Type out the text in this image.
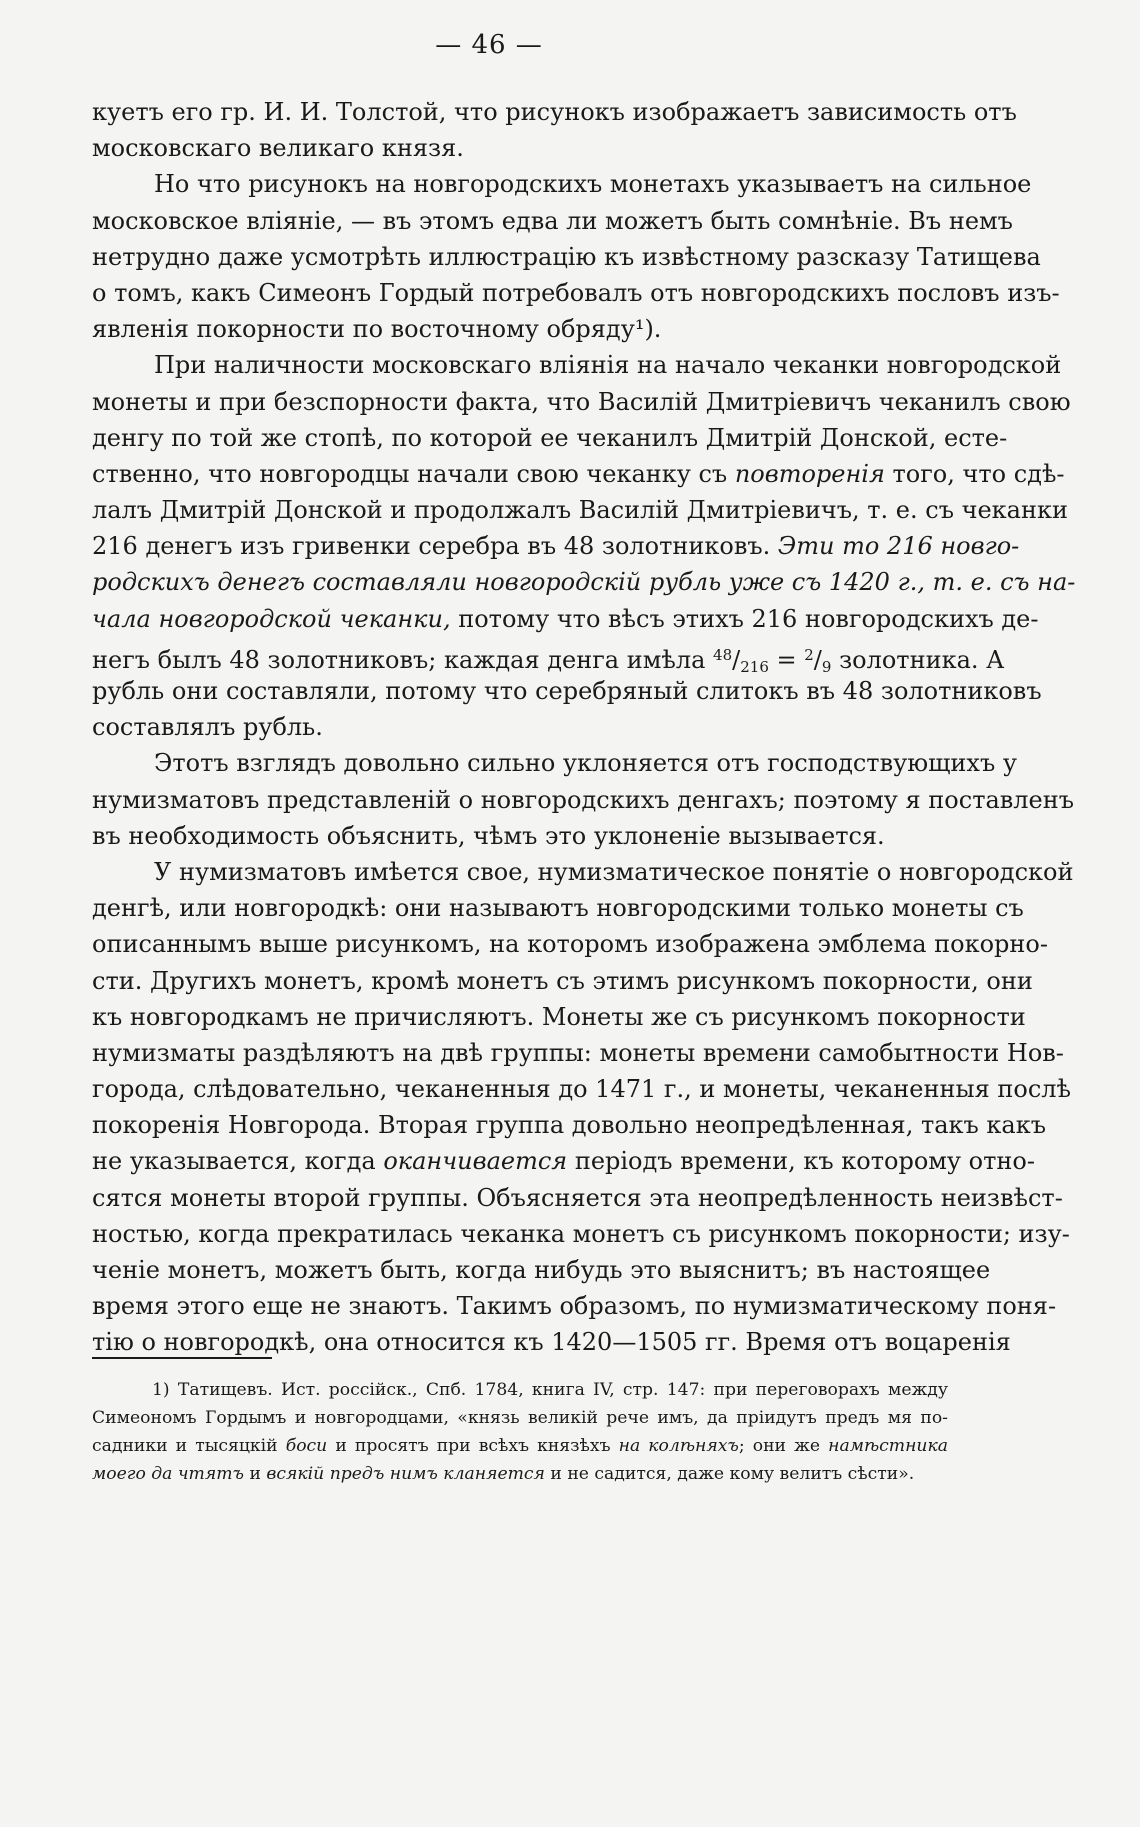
— 46 —
куетъ его гр. И. И. Толстой, что рисунокъ изображаетъ зависимость отъ
московскаго великаго князя.
Но что рисунокъ на новгородскихъ монетахъ указываетъ на сильное
московское вліяніе, — въ этомъ едва ли можетъ быть сомнѣніе. Въ немъ
нетрудно даже усмотрѣть иллюстрацію къ извѣстному разсказу Татищева
о томъ, какъ Симеонъ Гордый потребовалъ отъ новгородскихъ пословъ изъ-
явленія покорности по восточному обряду¹).
При наличности московскаго вліянія на начало чеканки новгородской
монеты и при безспорности факта, что Василій Дмитріевичъ чеканилъ свою
денгу по той же стопѣ, по которой ее чеканилъ Дмитрій Донской, есте-
ственно, что новгородцы начали свою чеканку съ повторенія того, что сдѣ-
лалъ Дмитрій Донской и продолжалъ Василій Дмитріевичъ, т. е. съ чеканки
216 денегъ изъ гривенки серебра въ 48 золотниковъ. Эти то 216 новго-
родскихъ денегъ составляли новгородскій рубль уже съ 1420 г., т. е. съ на-
чала новгородской чеканки, потому что вѣсъ этихъ 216 новгородскихъ де-
негъ былъ 48 золотниковъ; каждая денга имѣла $^{48}$/216 = $^2$/9 золотника. А
рубль они составляли, потому что серебряный слитокъ въ 48 золотниковъ
составлялъ рубль.
Этотъ взглядъ довольно сильно уклоняется отъ господствующихъ у
нумизматовъ представленій о новгородскихъ денгахъ; поэтому я поставленъ
въ необходимость объяснить, чѣмъ это уклоненіе вызывается.
У нумизматовъ имѣется свое, нумизматическое понятіе о новгородской
денгѣ, или новгородкѣ: они называютъ новгородскими только монеты съ
описаннымъ выше рисункомъ, на которомъ изображена эмблема покорно-
сти. Другихъ монетъ, кромѣ монетъ съ этимъ рисункомъ покорности, они
къ новгородкамъ не причисляютъ. Монеты же съ рисункомъ покорности
нумизматы раздѣляютъ на двѣ группы: монеты времени самобытности Нов-
города, слѣдовательно, чеканенныя до 1471 г., и монеты, чеканенныя послѣ
покоренія Новгорода. Вторая группа довольно неопредѣленная, такъ какъ
не указывается, когда оканчивается періодъ времени, къ которому отно-
сятся монеты второй группы. Объясняется эта неопредѣленность неизвѣст-
ностью, когда прекратилась чеканка монетъ съ рисункомъ покорности; изу-
ченіе монетъ, можетъ быть, когда нибудь это выяснитъ; въ настоящее
время этого еще не знаютъ. Такимъ образомъ, по нумизматическому поня-
тію о новгородкѣ, она относится къ 1420—1505 гг. Время отъ воцаренія
1) Татищевъ. Ист. россійск., Спб. 1784, книга IV, стр. 147: при переговорахъ между
Симеономъ Гордымъ и новгородцами, «князь великій рече имъ, да пріидутъ предъ мя по-
садники и тысяцкій боси и просятъ при всѣхъ князѣхъ на колѣняхъ; они же намѣстника
моего да чтятъ и всякій предъ нимъ кланяется и не садится, даже кому велитъ сѣсти».
